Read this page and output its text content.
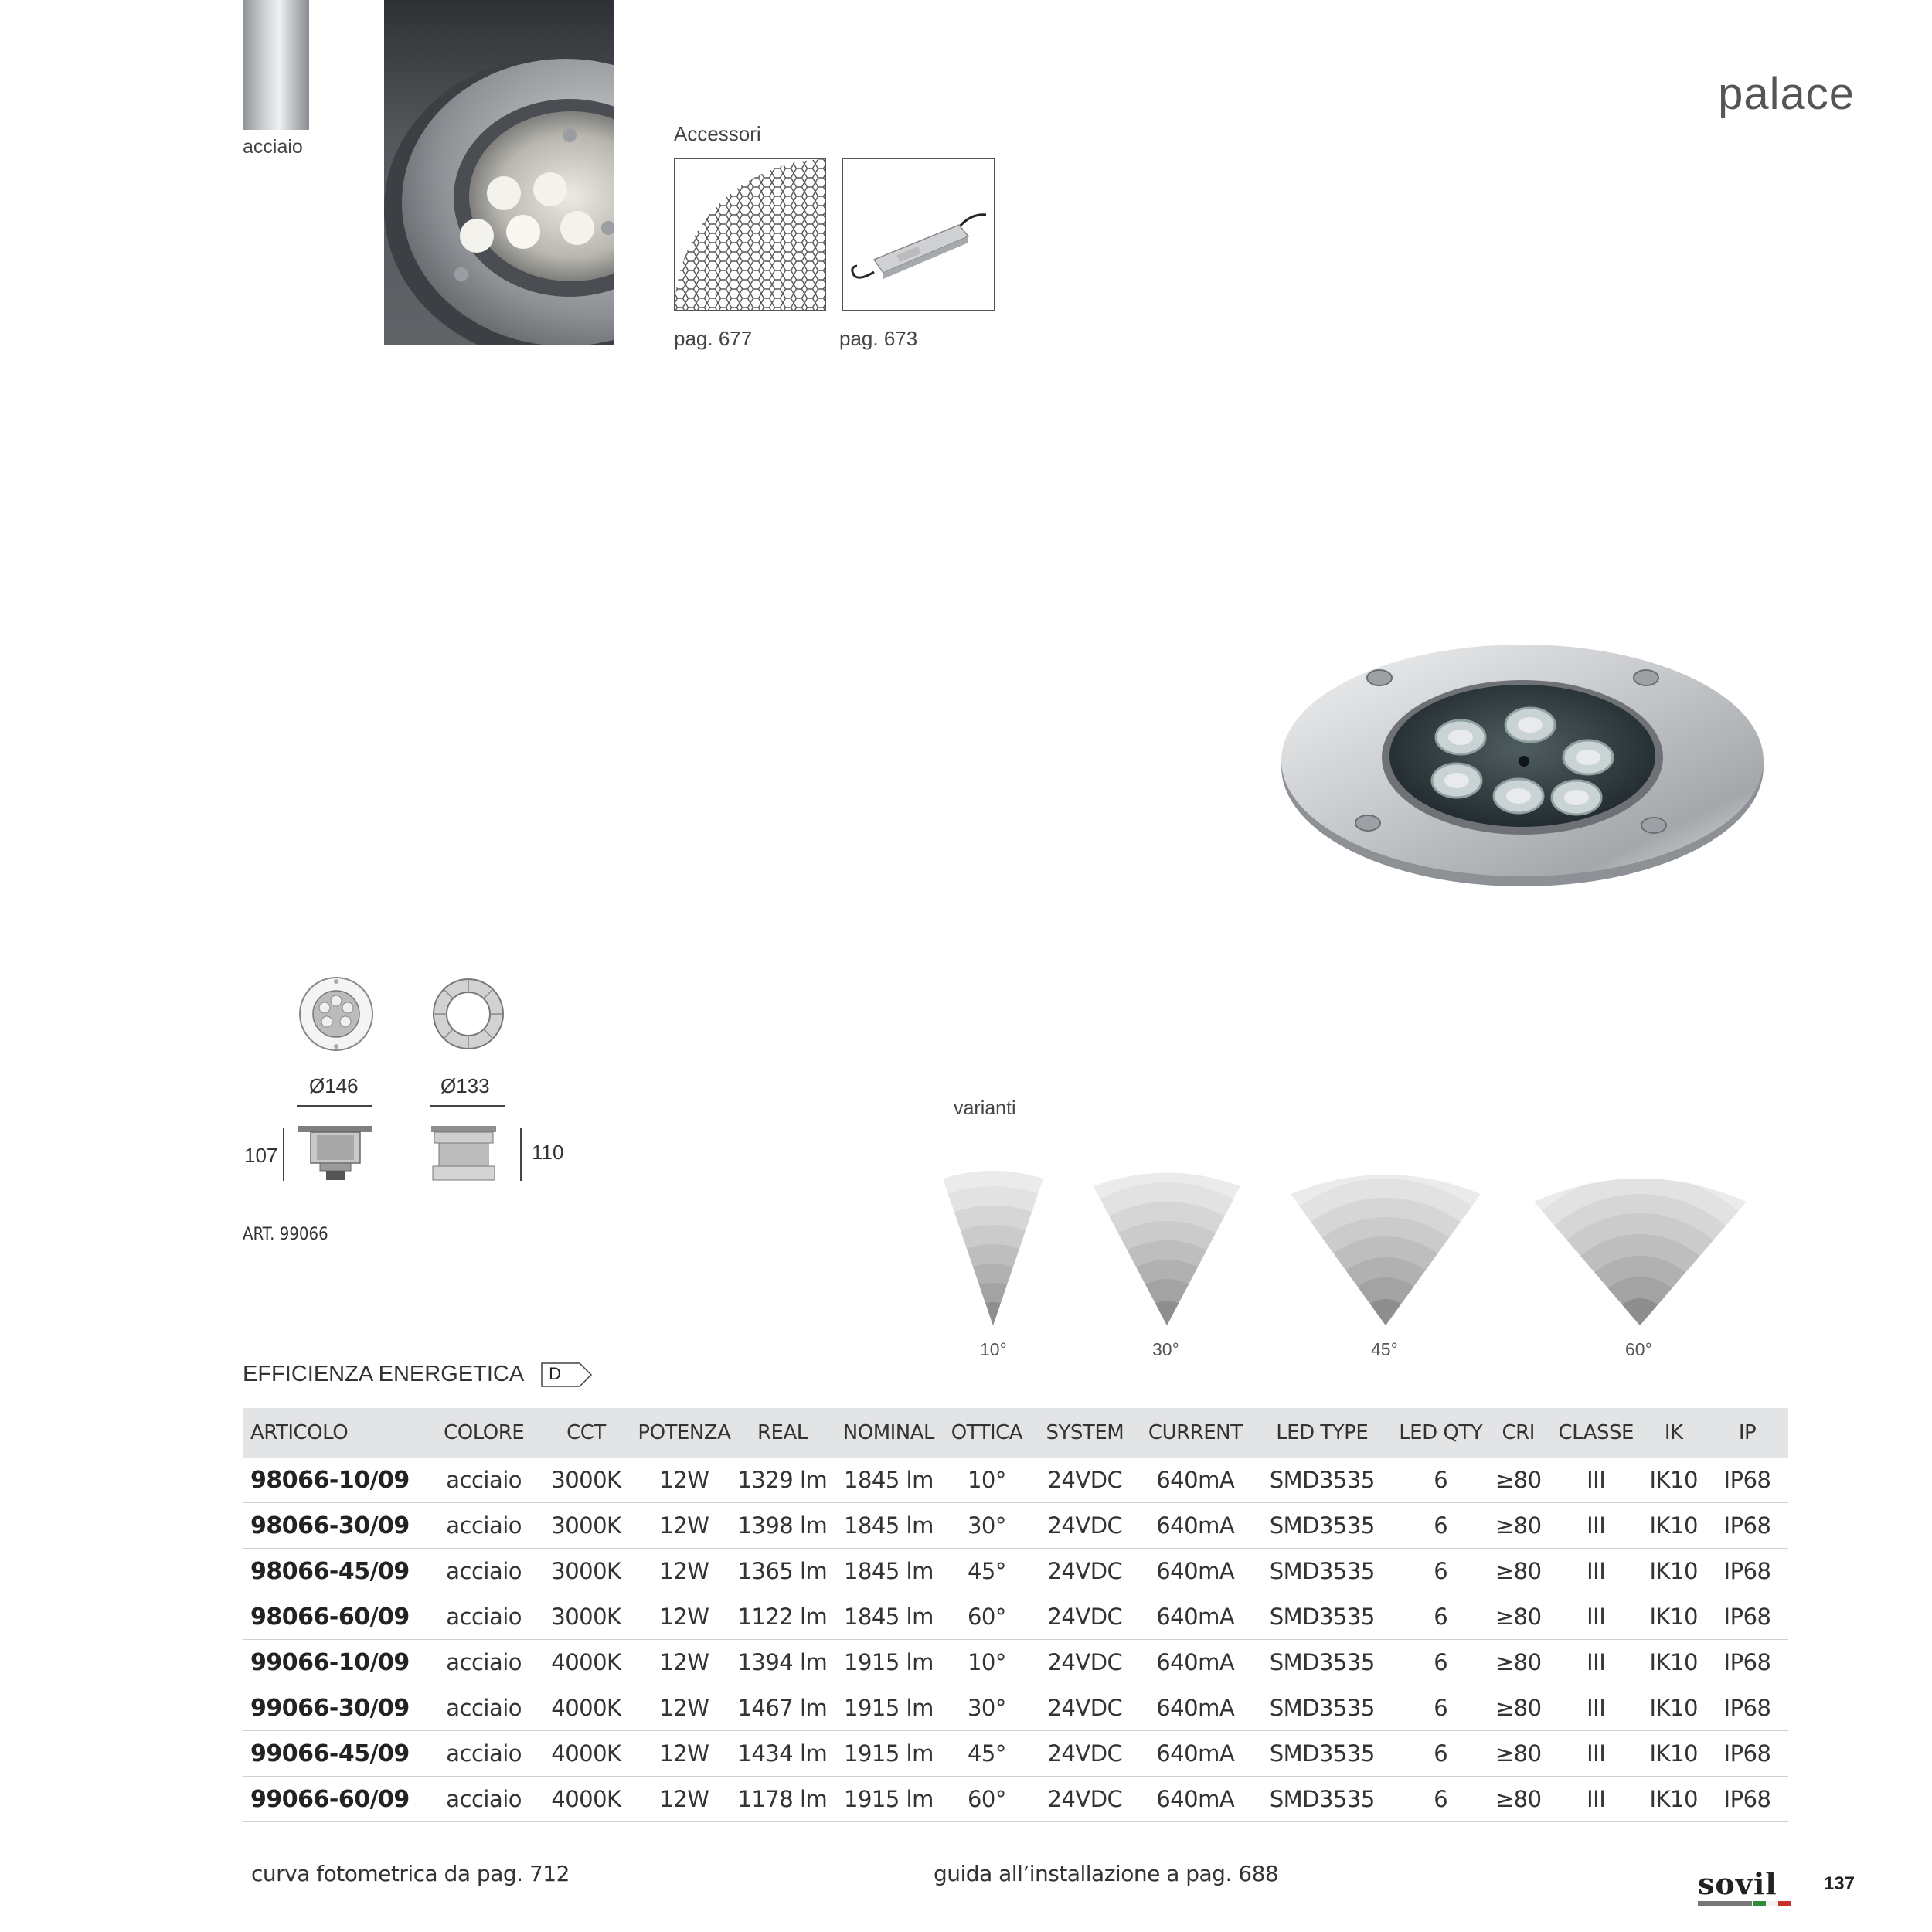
acciaio
palace
Accessori
pag. 677	pag. 673
Ø146	Ø133
107	110
ART. 99066
varianti
10°	30°	45°	60°
EFFICIENZA ENERGETICA D
ARTICOLO	COLORE	CCT	POTENZA	REAL	NOMINAL	OTTICA	SYSTEM	CURRENT	LED TYPE	LED QTY	CRI	CLASSE	IK	IP
98066-10/09	acciaio	3000K	12W	1329 lm	1845 lm	10°	24VDC	640mA	SMD3535	6	≥80	III	IK10	IP68
98066-30/09	acciaio	3000K	12W	1398 lm	1845 lm	30°	24VDC	640mA	SMD3535	6	≥80	III	IK10	IP68
98066-45/09	acciaio	3000K	12W	1365 lm	1845 lm	45°	24VDC	640mA	SMD3535	6	≥80	III	IK10	IP68
98066-60/09	acciaio	3000K	12W	1122 lm	1845 lm	60°	24VDC	640mA	SMD3535	6	≥80	III	IK10	IP68
99066-10/09	acciaio	4000K	12W	1394 lm	1915 lm	10°	24VDC	640mA	SMD3535	6	≥80	III	IK10	IP68
99066-30/09	acciaio	4000K	12W	1467 lm	1915 lm	30°	24VDC	640mA	SMD3535	6	≥80	III	IK10	IP68
99066-45/09	acciaio	4000K	12W	1434 lm	1915 lm	45°	24VDC	640mA	SMD3535	6	≥80	III	IK10	IP68
99066-60/09	acciaio	4000K	12W	1178 lm	1915 lm	60°	24VDC	640mA	SMD3535	6	≥80	III	IK10	IP68
curva fotometrica da pag. 712	guida all’installazione a pag. 688	sovil	137
